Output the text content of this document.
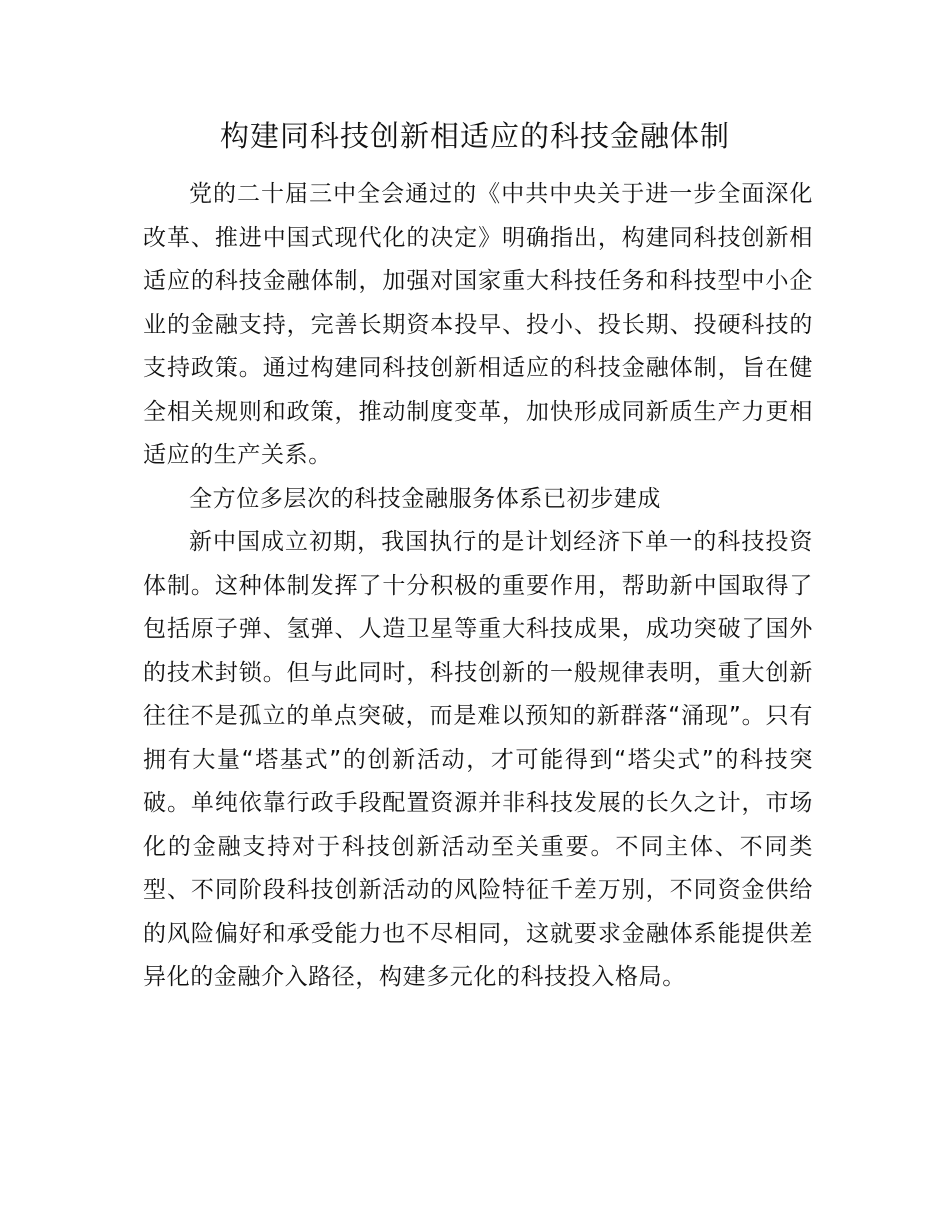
构建同科技创新相适应的科技金融体制

党的二十届三中全会通过的《中共中央关于进一步全面深化改革、推进中国式现代化的决定》明确指出，构建同科技创新相适应的科技金融体制，加强对国家重大科技任务和科技型中小企业的金融支持，完善长期资本投早、投小、投长期、投硬科技的支持政策。通过构建同科技创新相适应的科技金融体制，旨在健全相关规则和政策，推动制度变革，加快形成同新质生产力更相适应的生产关系。

全方位多层次的科技金融服务体系已初步建成

新中国成立初期，我国执行的是计划经济下单一的科技投资体制。这种体制发挥了十分积极的重要作用，帮助新中国取得了包括原子弹、氢弹、人造卫星等重大科技成果，成功突破了国外的技术封锁。但与此同时，科技创新的一般规律表明，重大创新往往不是孤立的单点突破，而是难以预知的新群落“涌现”。只有拥有大量“塔基式”的创新活动，才可能得到“塔尖式”的科技突破。单纯依靠行政手段配置资源并非科技发展的长久之计，市场化的金融支持对于科技创新活动至关重要。不同主体、不同类型、不同阶段科技创新活动的风险特征千差万别，不同资金供给的风险偏好和承受能力也不尽相同，这就要求金融体系能提供差异化的金融介入路径，构建多元化的科技投入格局。
